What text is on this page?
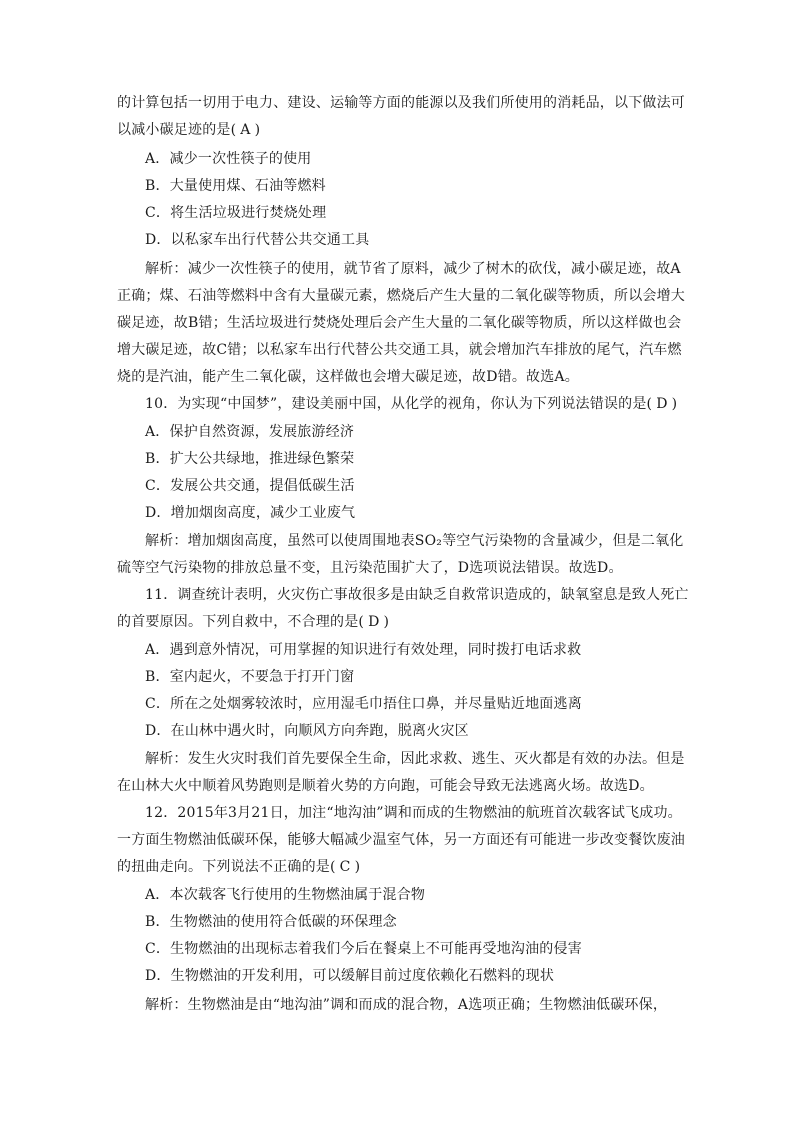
的计算包括一切用于电力、建设、运输等方面的能源以及我们所使用的消耗品，以下做法可
以减小碳足迹的是( A )
A．减少一次性筷子的使用
B．大量使用煤、石油等燃料
C．将生活垃圾进行焚烧处理
D．以私家车出行代替公共交通工具
解析：减少一次性筷子的使用，就节省了原料，减少了树木的砍伐，减小碳足迹，故A
正确；煤、石油等燃料中含有大量碳元素，燃烧后产生大量的二氧化碳等物质，所以会增大
碳足迹，故B错；生活垃圾进行焚烧处理后会产生大量的二氧化碳等物质，所以这样做也会
增大碳足迹，故C错；以私家车出行代替公共交通工具，就会增加汽车排放的尾气，汽车燃
烧的是汽油，能产生二氧化碳，这样做也会增大碳足迹，故D错。故选A。
10．为实现“中国梦”，建设美丽中国，从化学的视角，你认为下列说法错误的是( D )
A．保护自然资源，发展旅游经济
B．扩大公共绿地，推进绿色繁荣
C．发展公共交通，提倡低碳生活
D．增加烟囱高度，减少工业废气
解析：增加烟囱高度，虽然可以使周围地表SO₂等空气污染物的含量减少，但是二氧化
硫等空气污染物的排放总量不变，且污染范围扩大了，D选项说法错误。故选D。
11．调查统计表明，火灾伤亡事故很多是由缺乏自救常识造成的，缺氧窒息是致人死亡
的首要原因。下列自救中，不合理的是( D )
A．遇到意外情况，可用掌握的知识进行有效处理，同时拨打电话求救
B．室内起火，不要急于打开门窗
C．所在之处烟雾较浓时，应用湿毛巾捂住口鼻，并尽量贴近地面逃离
D．在山林中遇火时，向顺风方向奔跑，脱离火灾区
解析：发生火灾时我们首先要保全生命，因此求救、逃生、灭火都是有效的办法。但是
在山林大火中顺着风势跑则是顺着火势的方向跑，可能会导致无法逃离火场。故选D。
12．2015年3月21日，加注“地沟油”调和而成的生物燃油的航班首次载客试飞成功。
一方面生物燃油低碳环保，能够大幅减少温室气体，另一方面还有可能进一步改变餐饮废油
的扭曲走向。下列说法不正确的是( C )
A．本次载客飞行使用的生物燃油属于混合物
B．生物燃油的使用符合低碳的环保理念
C．生物燃油的出现标志着我们今后在餐桌上不可能再受地沟油的侵害
D．生物燃油的开发利用，可以缓解目前过度依赖化石燃料的现状
解析：生物燃油是由“地沟油”调和而成的混合物，A选项正确；生物燃油低碳环保，
